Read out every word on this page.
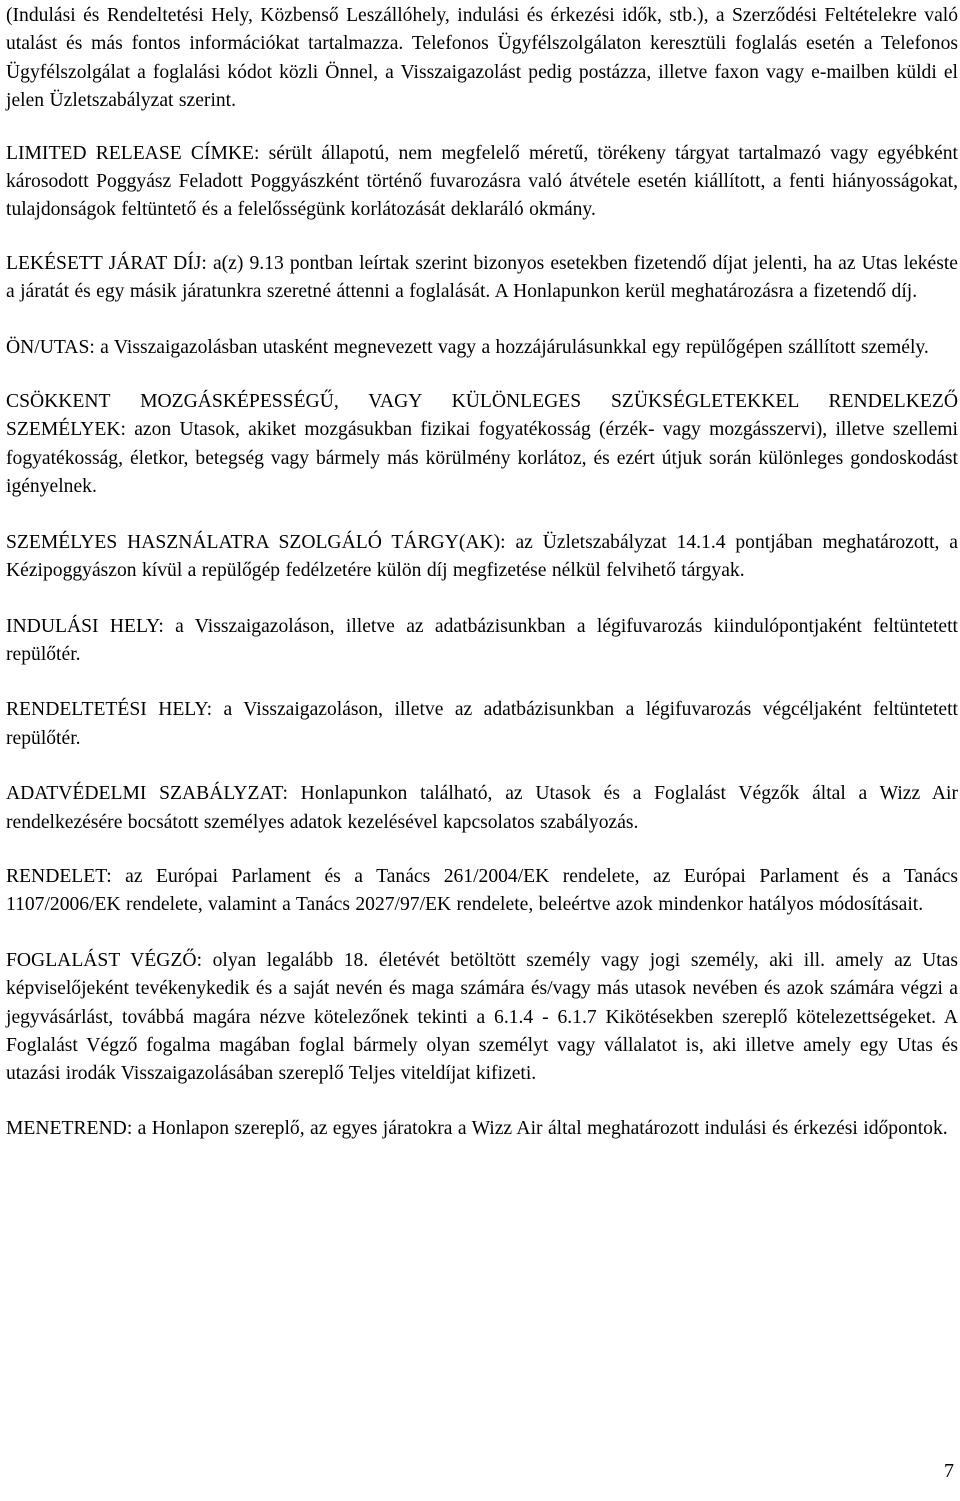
(Indulási és Rendeltetési Hely, Közbenső Leszállóhely, indulási és érkezési idők, stb.), a Szerződési Feltételekre való utalást és más fontos információkat tartalmazza. Telefonos Ügyfélszolgálaton keresztüli foglalás esetén a Telefonos Ügyfélszolgálat a foglalási kódot közli Önnel, a Visszaigazolást pedig postázza, illetve faxon vagy e-mailben küldi el jelen Üzletszabályzat szerint.

LIMITED RELEASE CÍMKE: sérült állapotú, nem megfelelő méretű, törékeny tárgyat tartalmazó vagy egyébként károsodott Poggyász Feladott Poggyászként történő fuvarozásra való átvétele esetén kiállított, a fenti hiányosságokat, tulajdonságok feltüntető és a felelősségünk korlátozását deklaráló okmány.

LEKÉSETT JÁRAT DÍJ: a(z) 9.13 pontban leírtak szerint bizonyos esetekben fizetendő díjat jelenti, ha az Utas lekéste a járatát és egy másik járatunkra szeretné áttenni a foglalását. A Honlapunkon kerül meghatározásra a fizetendő díj.

ÖN/UTAS: a Visszaigazolásban utasként megnevezett vagy a hozzájárulásunkkal egy repülőgépen szállított személy.

CSÖKKENT MOZGÁSKÉPESSÉGŰ, VAGY KÜLÖNLEGES SZÜKSÉGLETEKKEL RENDELKEZŐ SZEMÉLYEK: azon Utasok, akiket mozgásukban fizikai fogyatékosság (érzék- vagy mozgásszervi), illetve szellemi fogyatékosság, életkor, betegség vagy bármely más körülmény korlátoz, és ezért útjuk során különleges gondoskodást igényelnek.

SZEMÉLYES HASZNÁLATRA SZOLGÁLÓ TÁRGY(AK): az Üzletszabályzat 14.1.4 pontjában meghatározott, a Kézipoggyászon kívül a repülőgép fedélzetére külön díj megfizetése nélkül felvihető tárgyak.

INDULÁSI HELY: a Visszaigazoláson, illetve az adatbázisunkban a légifuvarozás kiindulópontjaként feltüntetett repülőtér.

RENDELTETÉSI HELY: a Visszaigazoláson, illetve az adatbázisunkban a légifuvarozás végcéljaként feltüntetett repülőtér.

ADATVÉDELMI SZABÁLYZAT: Honlapunkon található, az Utasok és a Foglalást Végzők által a Wizz Air rendelkezésére bocsátott személyes adatok kezelésével kapcsolatos szabályozás.

RENDELET: az Európai Parlament és a Tanács 261/2004/EK rendelete, az Európai Parlament és a Tanács 1107/2006/EK rendelete, valamint a Tanács 2027/97/EK rendelete, beleértve azok mindenkor hatályos módosításait.

FOGLALÁST VÉGZŐ: olyan legalább 18. életévét betöltött személy vagy jogi személy, aki ill. amely az Utas képviselőjeként tevékenykedik és a saját nevén és maga számára és/vagy más utasok nevében és azok számára végzi a jegyvásárlást, továbbá magára nézve kötelezőnek tekinti a 6.1.4 - 6.1.7 Kikötésekben szereplő kötelezettségeket. A Foglalást Végző fogalma magában foglal bármely olyan személyt vagy vállalatot is, aki illetve amely egy Utas és utazási irodák Visszaigazolásában szereplő Teljes viteldíjat kifizeti.

MENETREND: a Honlapon szereplő, az egyes járatokra a Wizz Air által meghatározott indulási és érkezési időpontok.

7
